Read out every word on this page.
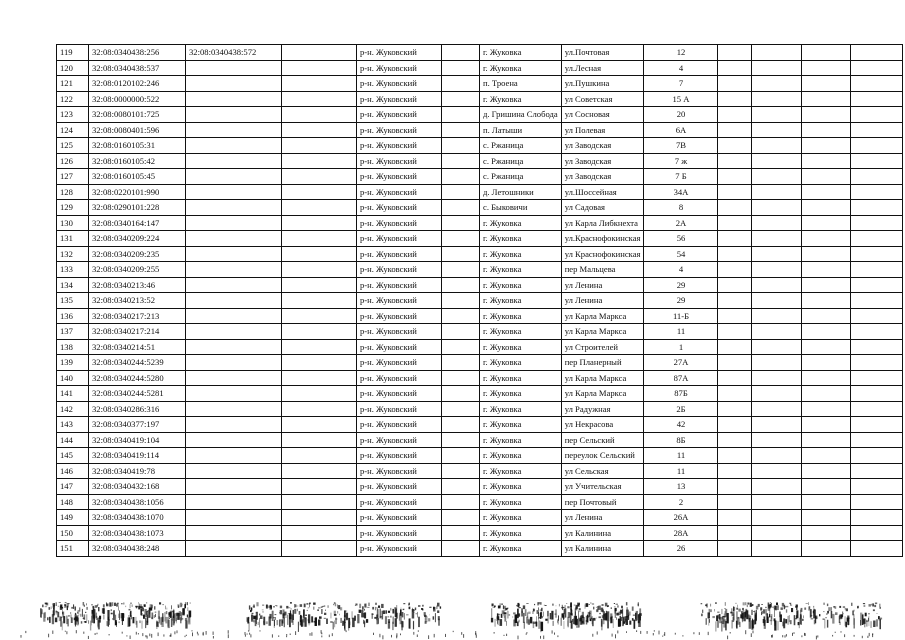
119	32:08:0340438:256	32:08:0340438:572		р-н. Жуковский		г. Жуковка	ул.Почтовая	12				
120	32:08:0340438:537			р-н. Жуковский		г. Жуковка	ул.Лесная	4				
121	32:08:0120102:246			р-н. Жуковский		п. Троена	ул.Пушкина	7				
122	32:08:0000000:522			р-н. Жуковский		г. Жуковка	ул Советская	15 А				
123	32:08:0080101:725			р-н. Жуковский		д. Гришина Слобода	ул Сосновая	20				
124	32:08:0080401:596			р-н. Жуковский		п. Латыши	ул Полевая	6А				
125	32:08:0160105:31			р-н. Жуковский		с. Ржаница	ул Заводская	7В				
126	32:08:0160105:42			р-н. Жуковский		с. Ржаница	ул Заводская	7 ж				
127	32:08:0160105:45			р-н. Жуковский		с. Ржаница	ул Заводская	7 Б				
128	32:08:0220101:990			р-н. Жуковский		д. Летошники	ул.Шоссейная	34А				
129	32:08:0290101:228			р-н. Жуковский		с. Быковичи	ул Садовая	8				
130	32:08:0340164:147			р-н. Жуковский		г. Жуковка	ул Карла Либкнехта	2А				
131	32:08:0340209:224			р-н. Жуковский		г. Жуковка	ул.Краснофокинская	56				
132	32:08:0340209:235			р-н. Жуковский		г. Жуковка	ул Краснофокинская	54				
133	32:08:0340209:255			р-н. Жуковский		г. Жуковка	пер Мальцева	4				
134	32:08:0340213:46			р-н. Жуковский		г. Жуковка	ул Ленина	29				
135	32:08:0340213:52			р-н. Жуковский		г. Жуковка	ул Ленина	29				
136	32:08:0340217:213			р-н. Жуковский		г. Жуковка	ул Карла Маркса	11-Б				
137	32:08:0340217:214			р-н. Жуковский		г. Жуковка	ул Карла Маркса	11				
138	32:08:0340214:51			р-н. Жуковский		г. Жуковка	ул Строителей	1				
139	32:08:0340244:5239			р-н. Жуковский		г. Жуковка	пер Планерный	27А				
140	32:08:0340244:5280			р-н. Жуковский		г. Жуковка	ул Карла Маркса	87А				
141	32:08:0340244:5281			р-н. Жуковский		г. Жуковка	ул Карла Маркса	87Б				
142	32:08:0340286:316			р-н. Жуковский		г. Жуковка	ул Радужная	2Б				
143	32:08:0340377:197			р-н. Жуковский		г. Жуковка	ул Некрасова	42				
144	32:08:0340419:104			р-н. Жуковский		г. Жуковка	пер Сельский	8Б				
145	32:08:0340419:114			р-н. Жуковский		г. Жуковка	переулок Сельский	11				
146	32:08:0340419:78			р-н. Жуковский		г. Жуковка	ул Сельская	11				
147	32:08:0340432:168			р-н. Жуковский		г. Жуковка	ул Учительская	13				
148	32:08:0340438:1056			р-н. Жуковский		г. Жуковка	пер Почтовый	2				
149	32:08:0340438:1070			р-н. Жуковский		г. Жуковка	ул Ленина	26А				
150	32:08:0340438:1073			р-н. Жуковский		г. Жуковка	ул Калинина	28А				
151	32:08:0340438:248			р-н. Жуковский		г. Жуковка	ул Калинина	26				
